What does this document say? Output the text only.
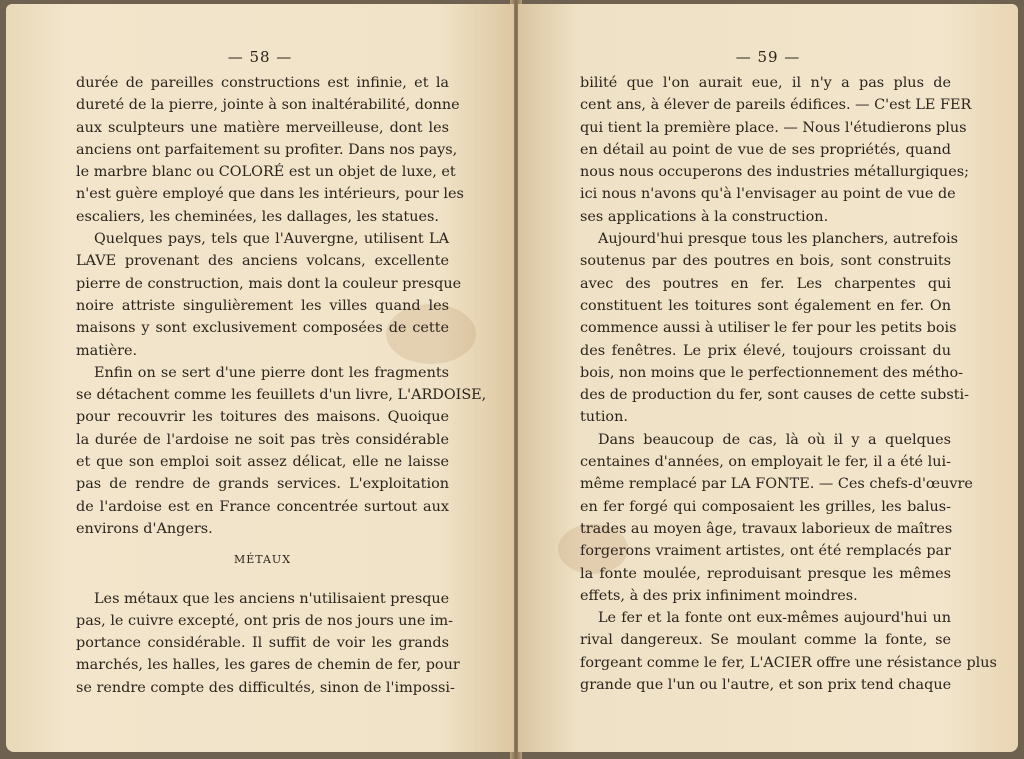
— 58 —
durée de pareilles constructions est infinie, et la
dureté de la pierre, jointe à son inaltérabilité, donne
aux sculpteurs une matière merveilleuse, dont les
anciens ont parfaitement su profiter. Dans nos pays,
le marbre blanc ou COLORÉ est un objet de luxe, et
n'est guère employé que dans les intérieurs, pour les
escaliers, les cheminées, les dallages, les statues.
Quelques pays, tels que l'Auvergne, utilisent LA
LAVE provenant des anciens volcans, excellente
pierre de construction, mais dont la couleur presque
noire attriste singulièrement les villes quand les
maisons y sont exclusivement composées de cette
matière.
Enfin on se sert d'une pierre dont les fragments
se détachent comme les feuillets d'un livre, L'ARDOISE,
pour recouvrir les toitures des maisons. Quoique
la durée de l'ardoise ne soit pas très considérable
et que son emploi soit assez délicat, elle ne laisse
pas de rendre de grands services. L'exploitation
de l'ardoise est en France concentrée surtout aux
environs d'Angers.
MÉTAUX
Les métaux que les anciens n'utilisaient presque
pas, le cuivre excepté, ont pris de nos jours une im-
portance considérable. Il suffit de voir les grands
marchés, les halles, les gares de chemin de fer, pour
se rendre compte des difficultés, sinon de l'impossi-
— 59 —
bilité que l'on aurait eue, il n'y a pas plus de
cent ans, à élever de pareils édifices. — C'est LE FER
qui tient la première place. — Nous l'étudierons plus
en détail au point de vue de ses propriétés, quand
nous nous occuperons des industries métallurgiques;
ici nous n'avons qu'à l'envisager au point de vue de
ses applications à la construction.
Aujourd'hui presque tous les planchers, autrefois
soutenus par des poutres en bois, sont construits
avec des poutres en fer. Les charpentes qui
constituent les toitures sont également en fer. On
commence aussi à utiliser le fer pour les petits bois
des fenêtres. Le prix élevé, toujours croissant du
bois, non moins que le perfectionnement des métho-
des de production du fer, sont causes de cette substi-
tution.
Dans beaucoup de cas, là où il y a quelques
centaines d'années, on employait le fer, il a été lui-
même remplacé par LA FONTE. — Ces chefs-d'œuvre
en fer forgé qui composaient les grilles, les balus-
trades au moyen âge, travaux laborieux de maîtres
forgerons vraiment artistes, ont été remplacés par
la fonte moulée, reproduisant presque les mêmes
effets, à des prix infiniment moindres.
Le fer et la fonte ont eux-mêmes aujourd'hui un
rival dangereux. Se moulant comme la fonte, se
forgeant comme le fer, L'ACIER offre une résistance plus
grande que l'un ou l'autre, et son prix tend chaque
